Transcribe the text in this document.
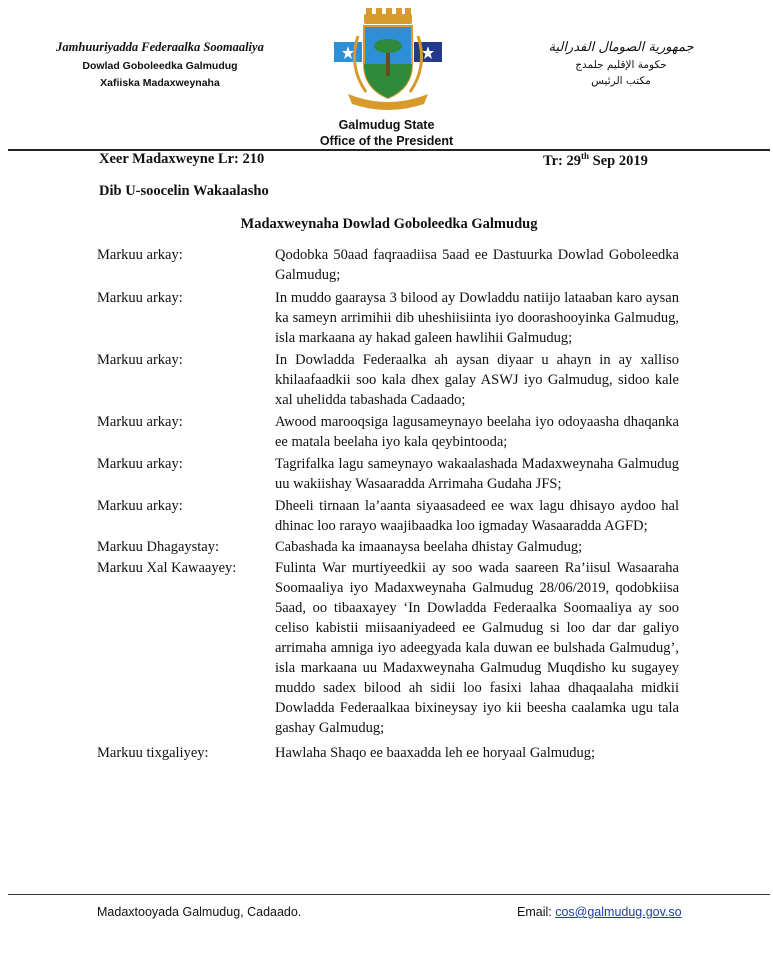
Jamhuuriyadda Federaalka Soomaaliya
Dowlad Goboleedka Galmudug
Xafiiska Madaxweynaha
جمهورية الصومال الفدرالية
حكومة الإقليم جلمدج
مكتب الرئيس
Galmudug State
Office of the President
Xeer Madaxweyne Lr: 210	Tr: 29th Sep 2019
Dib U-soocelin Wakaalasho
Madaxweynaha Dowlad Goboleedka Galmudug
Markuu arkay:	Qodobka 50aad faqraadiisa 5aad ee Dastuurka Dowlad Goboleedka Galmudug;
Markuu arkay:	In muddo gaaraysa 3 bilood ay Dowladdu natiijo lataaban karo aysan ka sameyn arrimihii dib uheshiisiinta iyo doorashooyinka Galmudug, isla markaana ay hakad galeen hawlihii Galmudug;
Markuu arkay:	In Dowladda Federaalka ah aysan diyaar u ahayn in ay xalliso khilaafaadkii soo kala dhex galay ASWJ iyo Galmudug, sidoo kale xal uhelidda tabashada Cadaado;
Markuu arkay:	Awood marooqsiga lagusameynayo beelaha iyo odoyaasha dhaqanka ee matala beelaha iyo kala qeybintooda;
Markuu arkay:	Tagrifalka lagu sameynayo wakaalashada Madaxweynaha Galmudug uu wakiishay Wasaaradda Arrimaha Gudaha JFS;
Markuu arkay:	Dheeli tirnaan la’aanta siyaasadeed ee wax lagu dhisayo aydoo hal dhinac loo rarayo waajibaadka loo igmaday Wasaaradda AGFD;
Markuu Dhagaystay:	Cabashada ka imaanaysa beelaha dhistay Galmudug;
Markuu Xal Kawaayey:	Fulinta War murtiyeedkii ay soo wada saareen Ra’iisul Wasaaraha Soomaaliya iyo Madaxweynaha Galmudug 28/06/2019, qodobkiisa 5aad, oo tibaaxayey ‘In Dowladda Federaalka Soomaaliya ay soo celiso kabistii miisaaniyadeed ee Galmudug si loo dar dar galiyo arrimaha amniga iyo adeegyada kala duwan ee bulshada Galmudug’, isla markaana uu Madaxweynaha Galmudug Muqdisho ku sugayey muddo sadex bilood ah sidii loo fasixi lahaa dhaqaalaha midkii Dowladda Federaalkaa bixineysay iyo kii beesha caalamka ugu tala gashay Galmudug;
Markuu tixgaliyey:	Hawlaha Shaqo ee baaxadda leh ee horyaal Galmudug;
Madaxtooyada Galmudug, Cadaado.	Email: cos@galmudug.gov.so
